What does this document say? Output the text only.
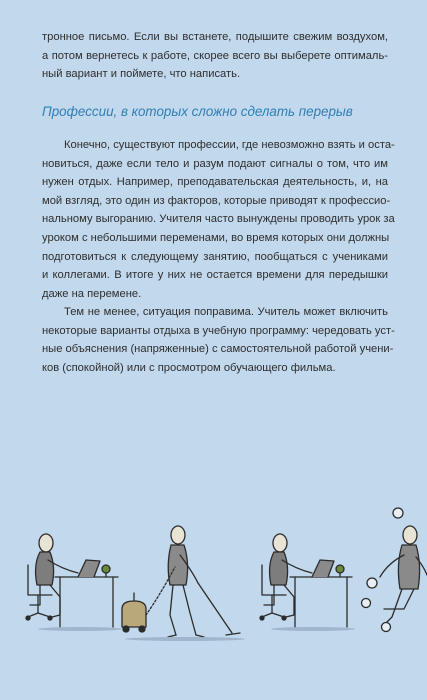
тронное письмо. Если вы встанете, подышите свежим воздухом,
а потом вернетесь к работе, скорее всего вы выберете оптималь-
ный вариант и поймете, что написать.

Профессии, в которых сложно сделать перерыв

Конечно, существуют профессии, где невозможно взять и оста-
новиться, даже если тело и разум подают сигналы о том, что им
нужен отдых. Например, преподавательская деятельность, и, на
мой взгляд, это один из факторов, которые приводят к профессио-
нальному выгоранию. Учителя часто вынуждены проводить урок за
уроком с небольшими переменами, во время которых они должны
подготовиться к следующему занятию, пообщаться с учениками
и коллегами. В итоге у них не остается времени для передышки
даже на перемене.

Тем не менее, ситуация поправима. Учитель может включить
некоторые варианты отдыха в учебную программу: чередовать уст-
ные объяснения (напряженные) с самостоятельной работой учени-
ков (спокойной) или с просмотром обучающего фильма.
